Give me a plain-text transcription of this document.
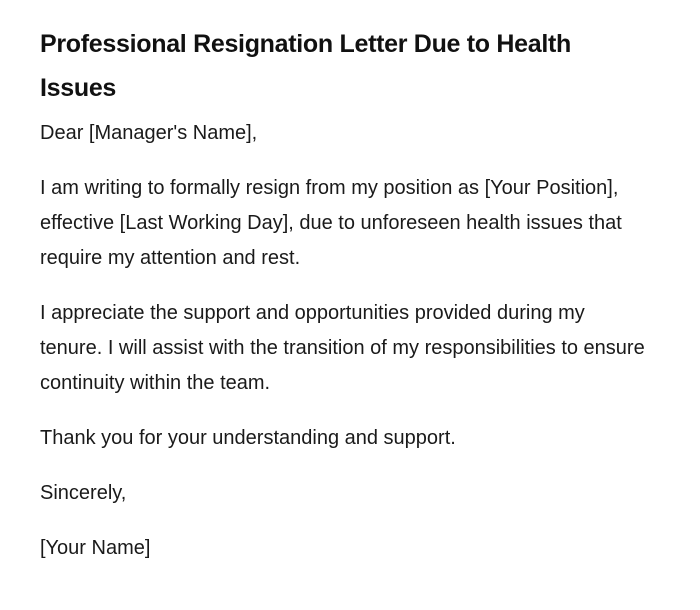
Professional Resignation Letter Due to Health Issues

Dear [Manager's Name],

I am writing to formally resign from my position as [Your Position], effective [Last Working Day], due to unforeseen health issues that require my attention and rest.

I appreciate the support and opportunities provided during my tenure. I will assist with the transition of my responsibilities to ensure continuity within the team.

Thank you for your understanding and support.

Sincerely,

[Your Name]
